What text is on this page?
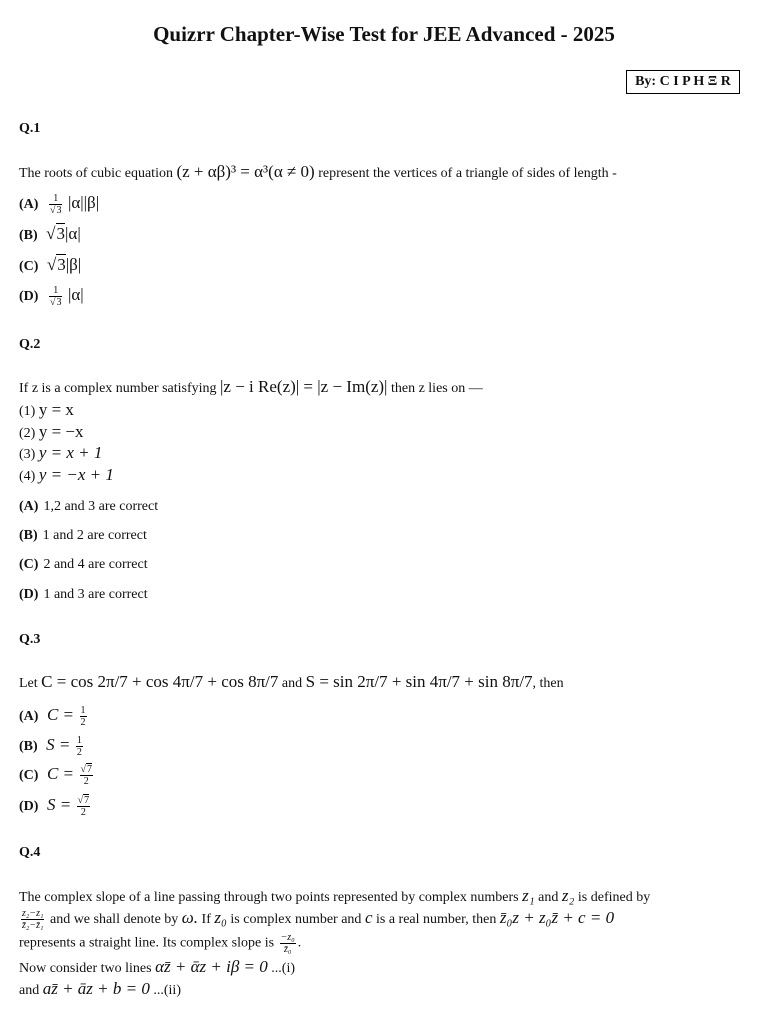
Quizrr Chapter-Wise Test for JEE Advanced - 2025
By: C I P H Ξ R
Q.1
The roots of cubic equation (z + αβ)³ = α³(α ≠ 0) represent the vertices of a triangle of sides of length -
$(A) \frac{1}{√3} |\alpha||\beta|$
(B) √3|α|
(C) √3|β|
$(D) \frac{1}{√3} |\alpha|$
Q.2
If z is a complex number satisfying |z − i Re(z)| = |z − Im(z)| then z lies on —
(1) y = x
(2) y = −x
(3) y = x + 1
(4) y = −x + 1
(A) 1,2 and 3 are correct
(B) 1 and 2 are correct
(C) 2 and 4 are correct
(D) 1 and 3 are correct
Q.3
Let C = cos 2π/7 + cos 4π/7 + cos 8π/7 and S = sin 2π/7 + sin 4π/7 + sin 8π/7, then
(A) $C = \frac{1}{2}$
(B) $S = \frac{1}{2}$
(C) $C = \frac{√7}{2}$
(D) $S = \frac{√7}{2}$
Q.4
The complex slope of a line passing through two points represented by complex numbers z₁ and z₂ is defined by
$\frac{\text{z₂−z₁}}{\text{z̄₂−z̄₁}}$ and we shall denote by ω. If z₀ is complex number and c is a real number, then z̄₀z + z₀z̄ + c = 0
represents a straight line. Its complex slope is $\frac{\text{−z₀}}{\text{z̄₀}}$ .
Now consider two lines αz̄ + ᾱz + iβ = 0 ...(i)
and az̄ + āz + b = 0 ...(ii)
